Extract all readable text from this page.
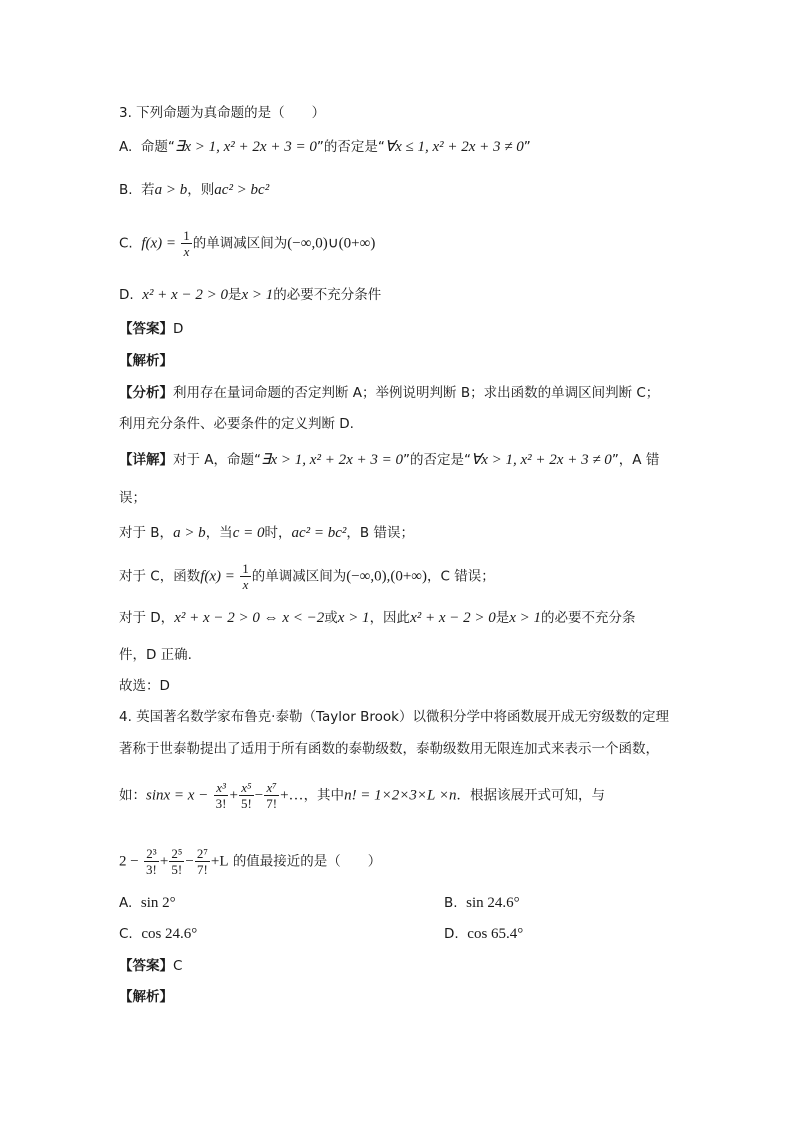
3. 下列命题为真命题的是（　　）
A. 命题“∃x > 1, x² + 2x + 3 = 0”的否定是“∀x ≤ 1, x² + 2x + 3 ≠ 0”
B. 若a > b，则ac² > bc²
C. $f(x) = \frac{1}{x}$ 的单调减区间为(−∞,0)∪(0+∞)
D. x² + x − 2 > 0是x > 1的必要不充分条件
【答案】D
【解析】
【分析】利用存在量词命题的否定判断 A；举例说明判断 B；求出函数的单调区间判断 C；
利用充分条件、必要条件的定义判断 D.
【详解】对于 A，命题“∃x > 1, x² + 2x + 3 = 0”的否定是“∀x > 1, x² + 2x + 3 ≠ 0”，A 错
误；
对于 B，a > b，当c = 0时，ac² = bc²，B 错误；
对于 C，函数$f(x) = \frac{1}{x}$ 的单调减区间为(−∞,0),(0+∞)，C 错误；
对于 D，x² + x − 2 > 0 ⇔ x < −2或x > 1，因此x² + x − 2 > 0是x > 1的必要不充分条
件，D 正确.
故选：D
4. 英国著名数学家布鲁克·泰勒（Taylor Brook）以微积分学中将函数展开成无穷级数的定理
著称于世泰勒提出了适用于所有函数的泰勒级数，泰勒级数用无限连加式来表示一个函数，
如：$\sin x = x - \frac{\text{x³}}{3!} + \frac{\text{x⁵}}{5!} - \frac{\text{x⁷}}{7!}$ +…，其中n! = 1×2×3×L ×n．根据该展开式可知，与
$2 - \frac{\text{2³}}{3!} + \frac{\text{2⁵}}{5!} - \frac{\text{2⁷}}{7!} +L$ 的值最接近的是（　　）
A. sin 2°	B. sin 24.6°
C. cos 24.6°	D. cos 65.4°
【答案】C
【解析】
